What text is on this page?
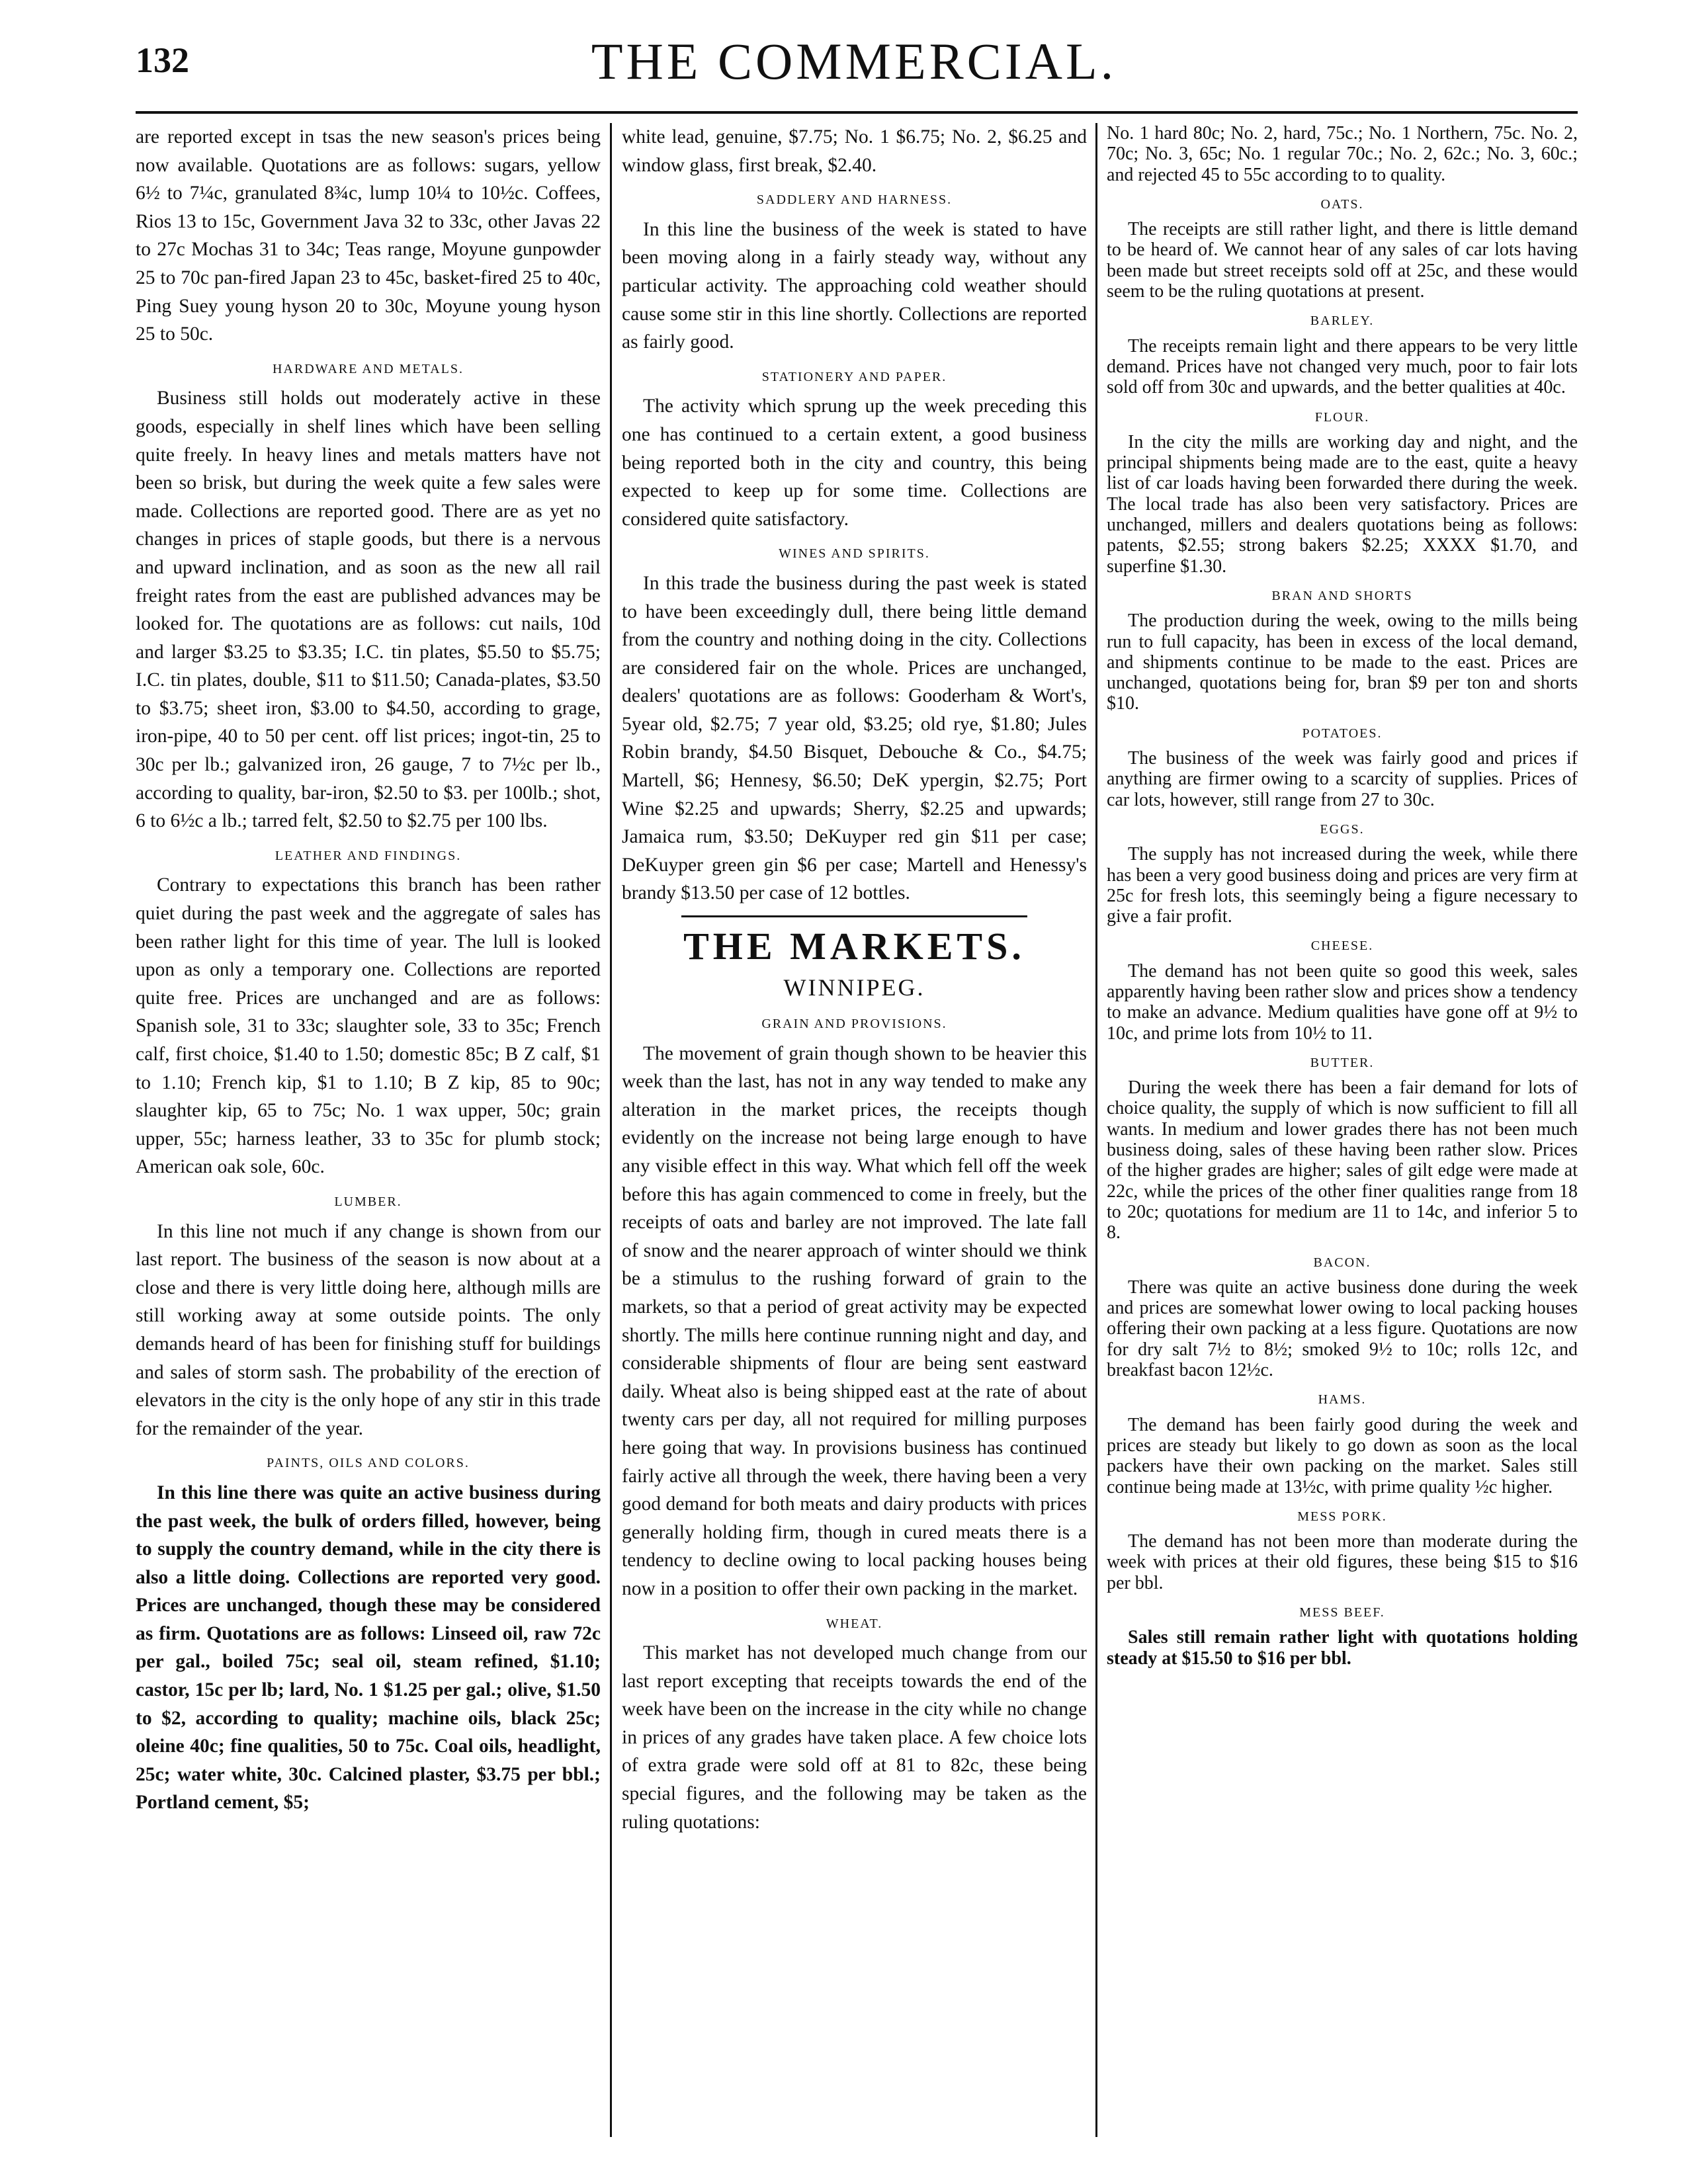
132	THE COMMERCIAL.

are reported except in tsas the new season's prices being now available. Quotations are as follows: sugars, yellow 6½ to 7¼c, granulated 8¾c, lump 10¼ to 10½c. Coffees, Rios 13 to 15c, Government Java 32 to 33c, other Javas 22 to 27c Mochas 31 to 34c; Teas range, Moyune gunpowder 25 to 70c pan-fired Japan 23 to 45c, basket-fired 25 to 40c, Ping Suey young hyson 20 to 30c, Moyune young hyson 25 to 50c.

HARDWARE AND METALS.

Business still holds out moderately active in these goods, especially in shelf lines which have been selling quite freely. In heavy lines and metals matters have not been so brisk, but during the week quite a few sales were made. Collections are reported good. There are as yet no changes in prices of staple goods, but there is a nervous and upward inclination, and as soon as the new all rail freight rates from the east are published advances may be looked for. The quotations are as follows: cut nails, 10d and larger $3.25 to $3.35; I.C. tin plates, $5.50 to $5.75; I.C. tin plates, double, $11 to $11.50; Canada-plates, $3.50 to $3.75; sheet iron, $3.00 to $4.50, according to grage, iron-pipe, 40 to 50 per cent. off list prices; ingot-tin, 25 to 30c per lb.; galvanized iron, 26 gauge, 7 to 7½c per lb., according to quality, bar-iron, $2.50 to $3. per 100lb.; shot, 6 to 6½c a lb.; tarred felt, $2.50 to $2.75 per 100 lbs.

LEATHER AND FINDINGS.

Contrary to expectations this branch has been rather quiet during the past week and the aggregate of sales has been rather light for this time of year. The lull is looked upon as only a temporary one. Collections are reported quite free. Prices are unchanged and are as follows: Spanish sole, 31 to 33c; slaughter sole, 33 to 35c; French calf, first choice, $1.40 to 1.50; domestic 85c; B Z calf, $1 to 1.10; French kip, $1 to 1.10; B Z kip, 85 to 90c; slaughter kip, 65 to 75c; No. 1 wax upper, 50c; grain upper, 55c; harness leather, 33 to 35c for plumb stock; American oak sole, 60c.

LUMBER.

In this line not much if any change is shown from our last report. The business of the season is now about at a close and there is very little doing here, although mills are still working away at some outside points. The only demands heard of has been for finishing stuff for buildings and sales of storm sash. The probability of the erection of elevators in the city is the only hope of any stir in this trade for the remainder of the year.

PAINTS, OILS AND COLORS.

In this line there was quite an active business during the past week, the bulk of orders filled, however, being to supply the country demand, while in the city there is also a little doing. Collections are reported very good. Prices are unchanged, though these may be considered as firm. Quotations are as follows: Linseed oil, raw 72c per gal., boiled 75c; seal oil, steam refined, $1.10; castor, 15c per lb; lard, No. 1 $1.25 per gal.; olive, $1.50 to $2, according to quality; machine oils, black 25c; oleine 40c; fine qualities, 50 to 75c. Coal oils, headlight, 25c; water white, 30c. Calcined plaster, $3.75 per bbl.; Portland cement, $5;

white lead, genuine, $7.75; No. 1 $6.75; No. 2, $6.25 and window glass, first break, $2.40.

SADDLERY AND HARNESS.

In this line the business of the week is stated to have been moving along in a fairly steady way, without any particular activity. The approaching cold weather should cause some stir in this line shortly. Collections are reported as fairly good.

STATIONERY AND PAPER.

The activity which sprung up the week preceding this one has continued to a certain extent, a good business being reported both in the city and country, this being expected to keep up for some time. Collections are considered quite satisfactory.

WINES AND SPIRITS.

In this trade the business during the past week is stated to have been exceedingly dull, there being little demand from the country and nothing doing in the city. Collections are considered fair on the whole. Prices are unchanged, dealers' quotations are as follows: Gooderham & Wort's, 5year old, $2.75; 7 year old, $3.25; old rye, $1.80; Jules Robin brandy, $4.50 Bisquet, Debouche & Co., $4.75; Martell, $6; Hennesy, $6.50; DeK ypergin, $2.75; Port Wine $2.25 and upwards; Sherry, $2.25 and upwards; Jamaica rum, $3.50; DeKuyper red gin $11 per case; DeKuyper green gin $6 per case; Martell and Henessy's brandy $13.50 per case of 12 bottles.

THE MARKETS.
WINNIPEG.
GRAIN AND PROVISIONS.

The movement of grain though shown to be heavier this week than the last, has not in any way tended to make any alteration in the market prices, the receipts though evidently on the increase not being large enough to have any visible effect in this way. What which fell off the week before this has again commenced to come in freely, but the receipts of oats and barley are not improved. The late fall of snow and the nearer approach of winter should we think be a stimulus to the rushing forward of grain to the markets, so that a period of great activity may be expected shortly. The mills here continue running night and day, and considerable shipments of flour are being sent eastward daily. Wheat also is being shipped east at the rate of about twenty cars per day, all not required for milling purposes here going that way. In provisions business has continued fairly active all through the week, there having been a very good demand for both meats and dairy products with prices generally holding firm, though in cured meats there is a tendency to decline owing to local packing houses being now in a position to offer their own packing in the market.

WHEAT.

This market has not developed much change from our last report excepting that receipts towards the end of the week have been on the increase in the city while no change in prices of any grades have taken place. A few choice lots of extra grade were sold off at 81 to 82c, these being special figures, and the following may be taken as the ruling quotations:

No. 1 hard 80c; No. 2, hard, 75c.; No. 1 Northern, 75c. No. 2, 70c; No. 3, 65c; No. 1 regular 70c.; No. 2, 62c.; No. 3, 60c.; and rejected 45 to 55c according to to quality.

OATS.

The receipts are still rather light, and there is little demand to be heard of. We cannot hear of any sales of car lots having been made but street receipts sold off at 25c, and these would seem to be the ruling quotations at present.

BARLEY.

The receipts remain light and there appears to be very little demand. Prices have not changed very much, poor to fair lots sold off from 30c and upwards, and the better qualities at 40c.

FLOUR.

In the city the mills are working day and night, and the principal shipments being made are to the east, quite a heavy list of car loads having been forwarded there during the week. The local trade has also been very satisfactory. Prices are unchanged, millers and dealers quotations being as follows: patents, $2.55; strong bakers $2.25; XXXX $1.70, and superfine $1.30.

BRAN AND SHORTS

The production during the week, owing to the mills being run to full capacity, has been in excess of the local demand, and shipments continue to be made to the east. Prices are unchanged, quotations being for, bran $9 per ton and shorts $10.

POTATOES.

The business of the week was fairly good and prices if anything are firmer owing to a scarcity of supplies. Prices of car lots, however, still range from 27 to 30c.

EGGS.

The supply has not increased during the week, while there has been a very good business doing and prices are very firm at 25c for fresh lots, this seemingly being a figure necessary to give a fair profit.

CHEESE.

The demand has not been quite so good this week, sales apparently having been rather slow and prices show a tendency to make an advance. Medium qualities have gone off at 9½ to 10c, and prime lots from 10½ to 11.

BUTTER.

During the week there has been a fair demand for lots of choice quality, the supply of which is now sufficient to fill all wants. In medium and lower grades there has not been much business doing, sales of these having been rather slow. Prices of the higher grades are higher; sales of gilt edge were made at 22c, while the prices of the other finer qualities range from 18 to 20c; quotations for medium are 11 to 14c, and inferior 5 to 8.

BACON.

There was quite an active business done during the week and prices are somewhat lower owing to local packing houses offering their own packing at a less figure. Quotations are now for dry salt 7½ to 8½; smoked 9½ to 10c; rolls 12c, and breakfast bacon 12½c.

HAMS.

The demand has been fairly good during the week and prices are steady but likely to go down as soon as the local packers have their own packing on the market. Sales still continue being made at 13½c, with prime quality ½c higher.

MESS PORK.

The demand has not been more than moderate during the week with prices at their old figures, these being $15 to $16 per bbl.

MESS BEEF.

Sales still remain rather light with quotations holding steady at $15.50 to $16 per bbl.
